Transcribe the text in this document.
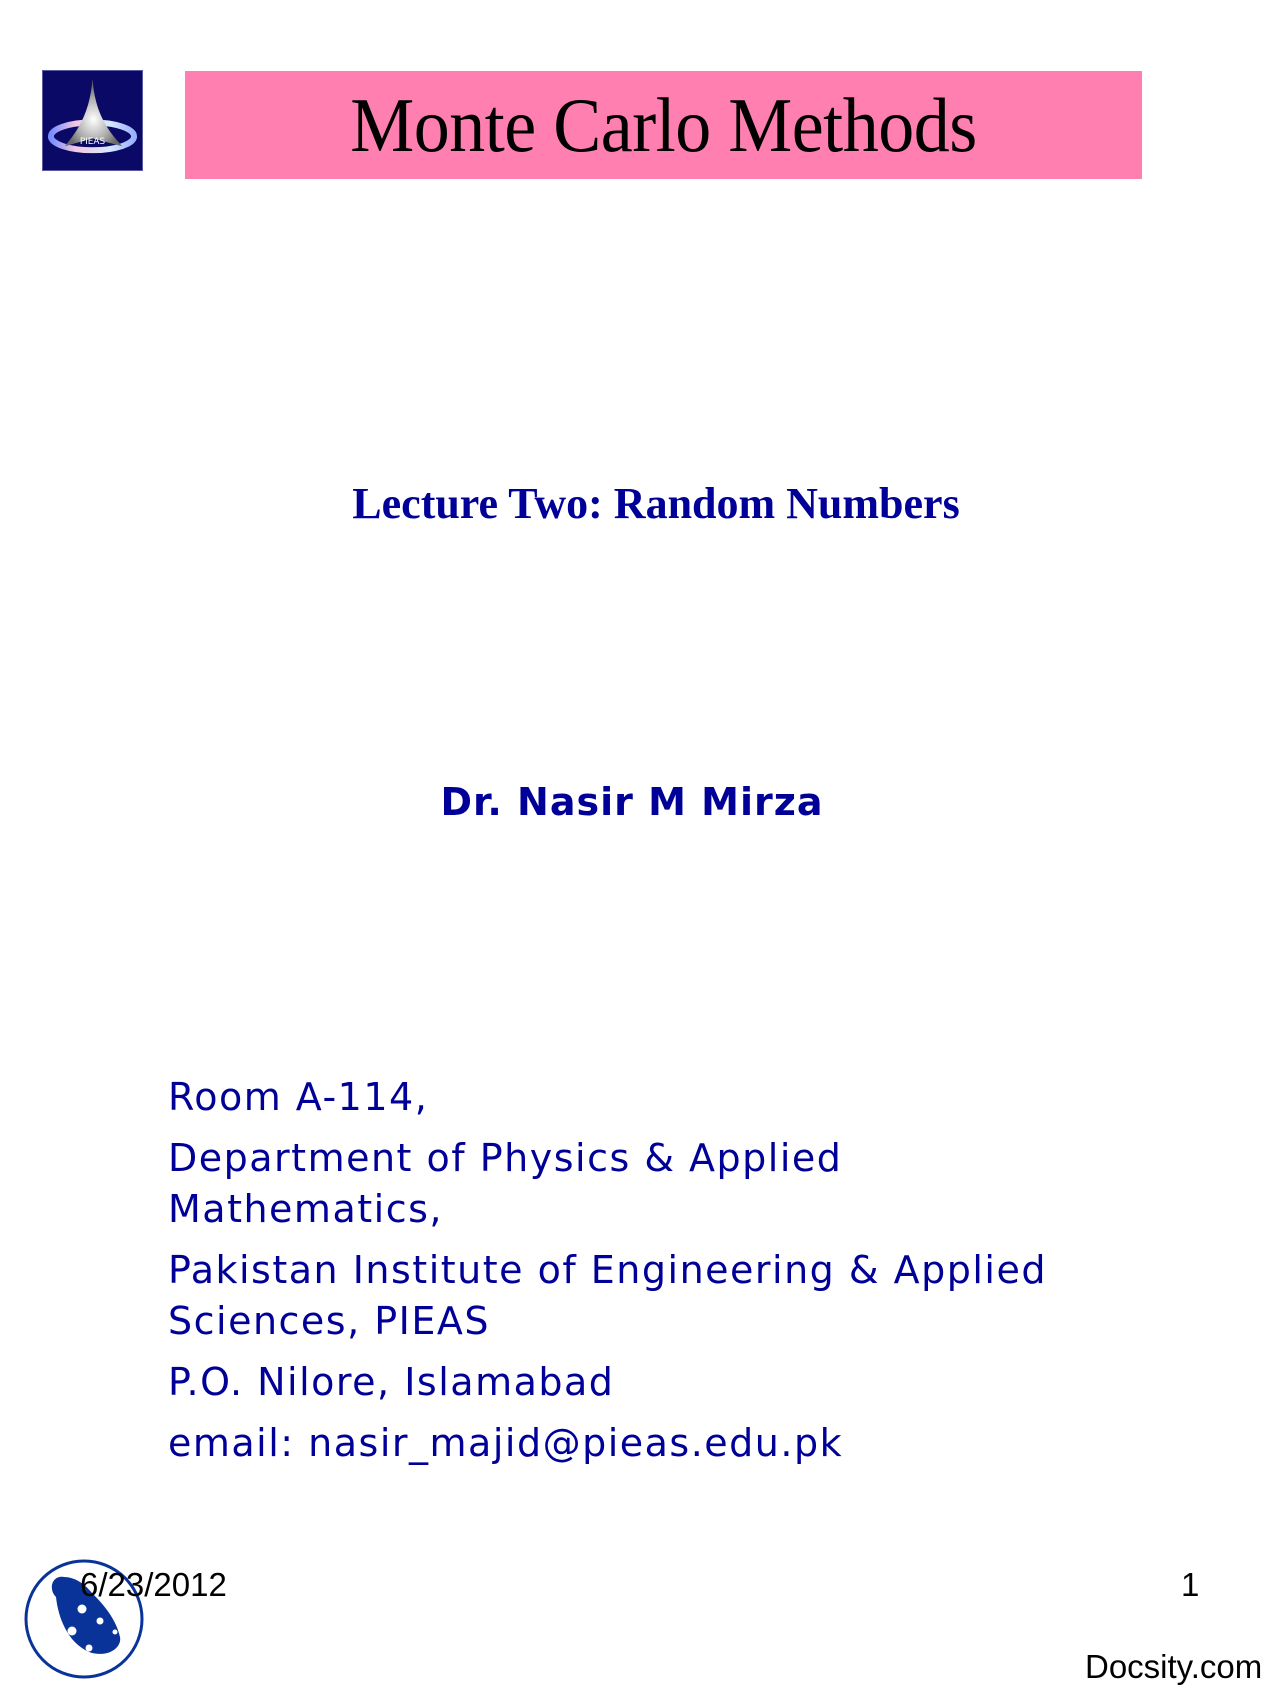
PIEAS	Monte Carlo Methods
Lecture Two: Random Numbers
Dr. Nasir M Mirza
Room A-114,
Department of Physics & Applied
Mathematics,
Pakistan Institute of Engineering & Applied
Sciences, PIEAS
P.O. Nilore, Islamabad
email: nasir_majid@pieas.edu.pk
6/23/2012	1
Docsity.com
